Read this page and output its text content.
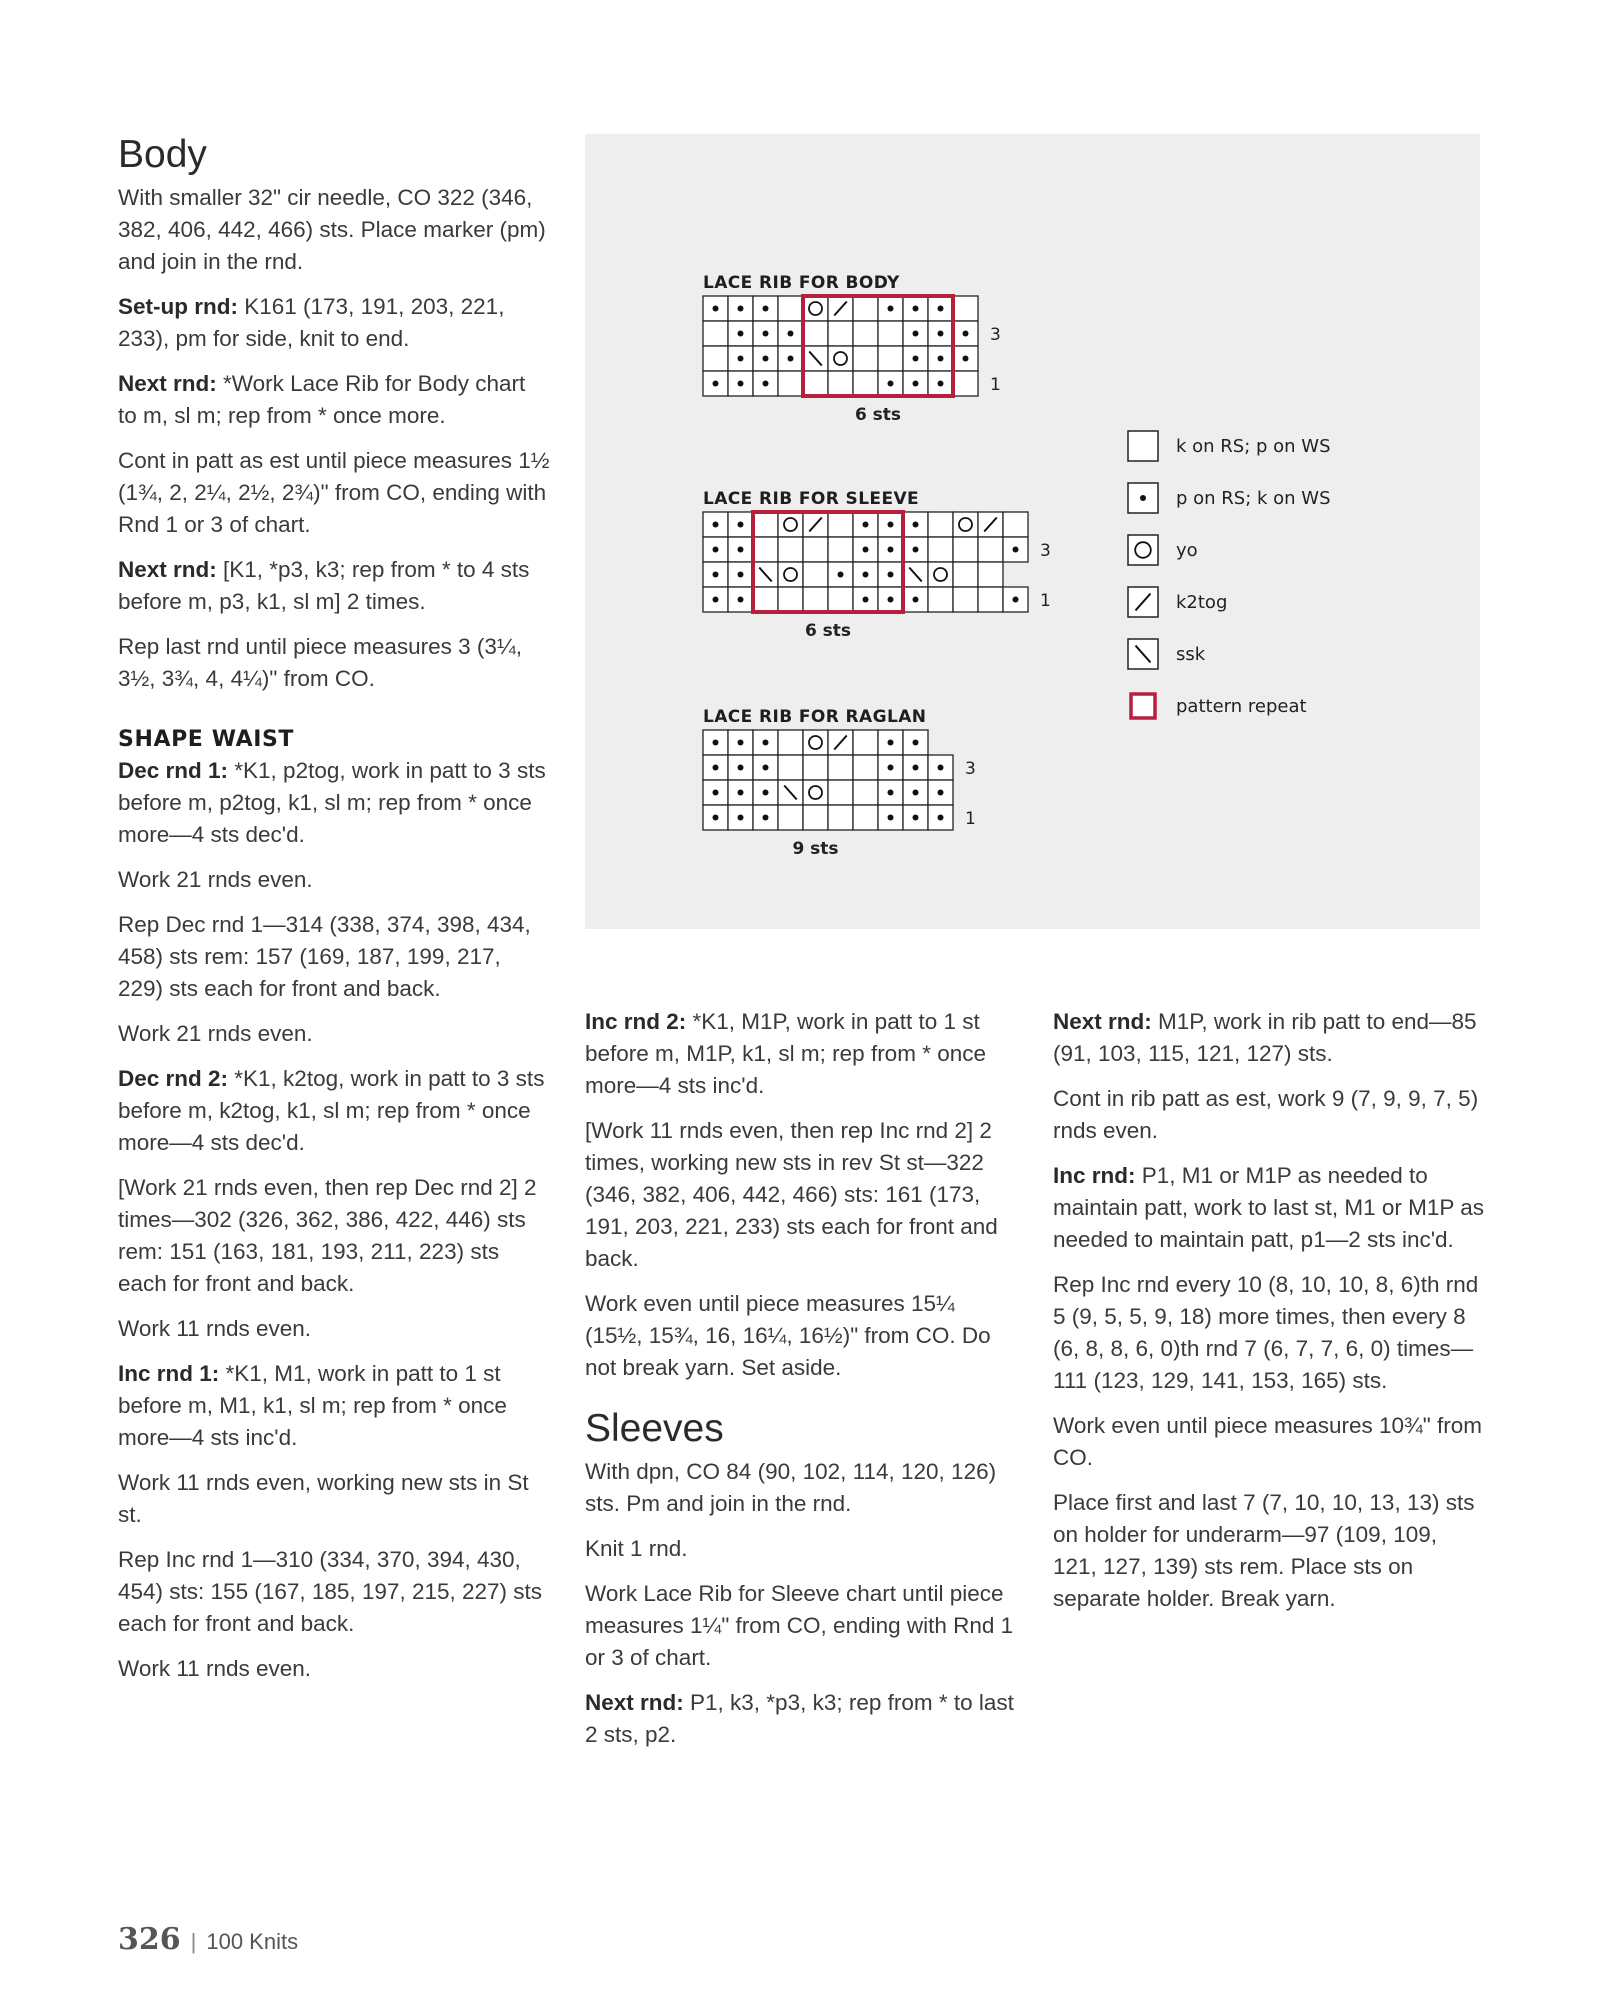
Body

With smaller 32" cir needle, CO 322 (346, 382, 406, 442, 466) sts. Place marker (pm) and join in the rnd.

Set-up rnd: K161 (173, 191, 203, 221, 233), pm for side, knit to end.

Next rnd: *Work Lace Rib for Body chart to m, sl m; rep from * once more.

Cont in patt as est until piece measures 1½ (1¾, 2, 2¼, 2½, 2¾)" from CO, ending with Rnd 1 or 3 of chart.

Next rnd: [K1, *p3, k3; rep from * to 4 sts before m, p3, k1, sl m] 2 times.

Rep last rnd until piece measures 3 (3¼, 3½, 3¾, 4, 4¼)" from CO.

SHAPE WAIST

Dec rnd 1: *K1, p2tog, work in patt to 3 sts before m, p2tog, k1, sl m; rep from * once more—4 sts dec'd.

Work 21 rnds even.

Rep Dec rnd 1—314 (338, 374, 398, 434, 458) sts rem: 157 (169, 187, 199, 217, 229) sts each for front and back.

Work 21 rnds even.

Dec rnd 2: *K1, k2tog, work in patt to 3 sts before m, k2tog, k1, sl m; rep from * once more—4 sts dec'd.

[Work 21 rnds even, then rep Dec rnd 2] 2 times—302 (326, 362, 386, 422, 446) sts rem: 151 (163, 181, 193, 211, 223) sts each for front and back.

Work 11 rnds even.

Inc rnd 1: *K1, M1, work in patt to 1 st before m, M1, k1, sl m; rep from * once more—4 sts inc'd.

Work 11 rnds even, working new sts in St st.

Rep Inc rnd 1—310 (334, 370, 394, 430, 454) sts: 155 (167, 185, 197, 215, 227) sts each for front and back.

Work 11 rnds even.

LACE RIB FOR BODY
3
1
6 sts
LACE RIB FOR SLEEVE
3
1
6 sts
LACE RIB FOR RAGLAN
3
1
9 sts
k on RS; p on WS
p on RS; k on WS
yo
k2tog
ssk
pattern repeat

Inc rnd 2: *K1, M1P, work in patt to 1 st before m, M1P, k1, sl m; rep from * once more—4 sts inc'd.

[Work 11 rnds even, then rep Inc rnd 2] 2 times, working new sts in rev St st—322 (346, 382, 406, 442, 466) sts: 161 (173, 191, 203, 221, 233) sts each for front and back.

Work even until piece measures 15¼ (15½, 15¾, 16, 16¼, 16½)" from CO. Do not break yarn. Set aside.

Sleeves

With dpn, CO 84 (90, 102, 114, 120, 126) sts. Pm and join in the rnd.

Knit 1 rnd.

Work Lace Rib for Sleeve chart until piece measures 1¼" from CO, ending with Rnd 1 or 3 of chart.

Next rnd: P1, k3, *p3, k3; rep from * to last 2 sts, p2.

Next rnd: M1P, work in rib patt to end—85 (91, 103, 115, 121, 127) sts.

Cont in rib patt as est, work 9 (7, 9, 9, 7, 5) rnds even.

Inc rnd: P1, M1 or M1P as needed to maintain patt, work to last st, M1 or M1P as needed to maintain patt, p1—2 sts inc'd.

Rep Inc rnd every 10 (8, 10, 10, 8, 6)th rnd 5 (9, 5, 5, 9, 18) more times, then every 8 (6, 8, 8, 6, 0)th rnd 7 (6, 7, 7, 6, 0) times—111 (123, 129, 141, 153, 165) sts.

Work even until piece measures 10¾" from CO.

Place first and last 7 (7, 10, 10, 13, 13) sts on holder for underarm—97 (109, 109, 121, 127, 139) sts rem. Place sts on separate holder. Break yarn.

326 | 100 Knits
